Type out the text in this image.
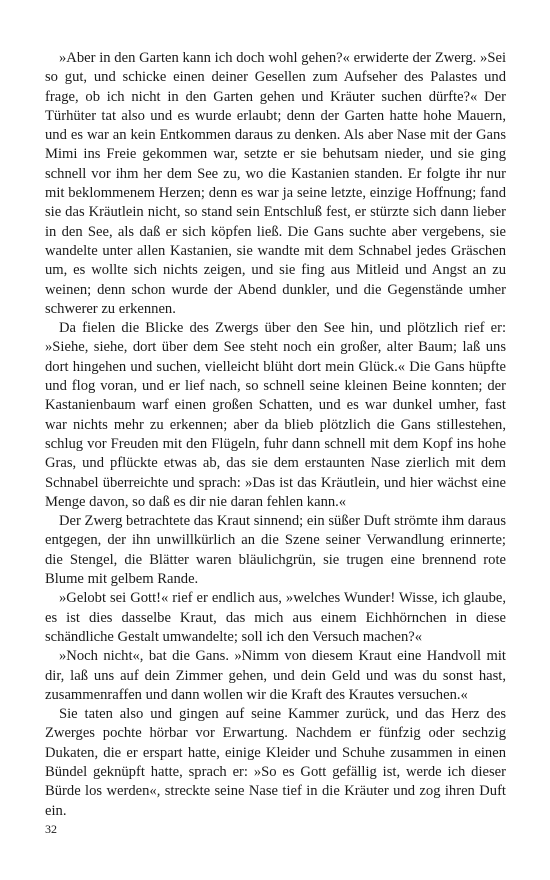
»Aber in den Garten kann ich doch wohl gehen?« erwiderte der Zwerg. »Sei so gut, und schicke einen deiner Gesellen zum Aufseher des Palastes und frage, ob ich nicht in den Garten gehen und Kräuter suchen dürfte?« Der Türhüter tat also und es wurde erlaubt; denn der Garten hatte hohe Mauern, und es war an kein Entkommen daraus zu denken. Als aber Nase mit der Gans Mimi ins Freie gekommen war, setzte er sie behutsam nieder, und sie ging schnell vor ihm her dem See zu, wo die Kastanien standen. Er folgte ihr nur mit beklommenem Herzen; denn es war ja seine letzte, einzige Hoffnung; fand sie das Kräutlein nicht, so stand sein Entschluß fest, er stürzte sich dann lieber in den See, als daß er sich köpfen ließ. Die Gans suchte aber vergebens, sie wandelte unter allen Kastanien, sie wandte mit dem Schnabel jedes Gräschen um, es wollte sich nichts zeigen, und sie fing aus Mitleid und Angst an zu weinen; denn schon wurde der Abend dunkler, und die Gegenstände umher schwerer zu erkennen.

Da fielen die Blicke des Zwergs über den See hin, und plötzlich rief er: »Siehe, siehe, dort über dem See steht noch ein großer, alter Baum; laß uns dort hingehen und suchen, vielleicht blüht dort mein Glück.« Die Gans hüpfte und flog voran, und er lief nach, so schnell seine kleinen Beine konnten; der Kastanienbaum warf einen großen Schatten, und es war dunkel umher, fast war nichts mehr zu erkennen; aber da blieb plötzlich die Gans stillestehen, schlug vor Freuden mit den Flügeln, fuhr dann schnell mit dem Kopf ins hohe Gras, und pflückte etwas ab, das sie dem erstaunten Nase zierlich mit dem Schnabel überreichte und sprach: »Das ist das Kräutlein, und hier wächst eine Menge davon, so daß es dir nie daran fehlen kann.«

Der Zwerg betrachtete das Kraut sinnend; ein süßer Duft strömte ihm daraus entgegen, der ihn unwillkürlich an die Szene seiner Verwandlung erinnerte; die Stengel, die Blätter waren bläulichgrün, sie trugen eine brennend rote Blume mit gelbem Rande.

»Gelobt sei Gott!« rief er endlich aus, »welches Wunder! Wisse, ich glaube, es ist dies dasselbe Kraut, das mich aus einem Eichhörnchen in diese schändliche Gestalt umwandelte; soll ich den Versuch machen?«

»Noch nicht«, bat die Gans. »Nimm von diesem Kraut eine Handvoll mit dir, laß uns auf dein Zimmer gehen, und dein Geld und was du sonst hast, zusammenraffen und dann wollen wir die Kraft des Krautes versuchen.«

Sie taten also und gingen auf seine Kammer zurück, und das Herz des Zwerges pochte hörbar vor Erwartung. Nachdem er fünfzig oder sechzig Dukaten, die er erspart hatte, einige Kleider und Schuhe zusammen in einen Bündel geknüpft hatte, sprach er: »So es Gott gefällig ist, werde ich dieser Bürde los werden«, streckte seine Nase tief in die Kräuter und zog ihren Duft ein.

32
